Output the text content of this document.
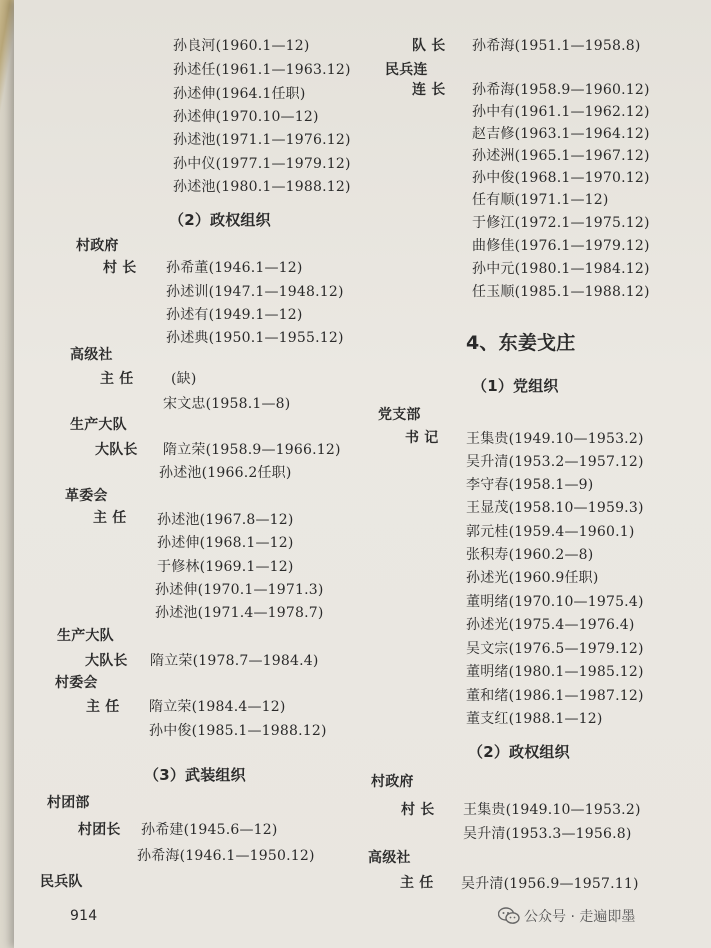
孙良河(1960.1—12)
孙述任(1961.1—1963.12)
孙述伸(1964.1任职)
孙述伸(1970.10—12)
孙述池(1971.1—1976.12)
孙中仪(1977.1—1979.12)
孙述池(1980.1—1988.12)
（2）政权组织
村政府
村 长 孙希董(1946.1—12)
孙述训(1947.1—1948.12)
孙述有(1949.1—12)
孙述典(1950.1—1955.12)
高级社
主 任	(缺)
宋文忠(1958.1—8)
生产大队
大队长 隋立荣(1958.9—1966.12)
孙述池(1966.2任职)
革委会
主 任 孙述池(1967.8—12)
孙述伸(1968.1—12)
于修林(1969.1—12)
孙述伸(1970.1—1971.3)
孙述池(1971.4—1978.7)
生产大队
大队长 隋立荣(1978.7—1984.4)
村委会
主 任 隋立荣(1984.4—12)
孙中俊(1985.1—1988.12)
（3）武装组织
村团部
村团长 孙希建(1945.6—12)
孙希海(1946.1—1950.12)
民兵队
914
队 长 孙希海(1951.1—1958.8)
民兵连
连 长 孙希海(1958.9—1960.12)
孙中有(1961.1—1962.12)
赵吉修(1963.1—1964.12)
孙述洲(1965.1—1967.12)
孙中俊(1968.1—1970.12)
任有顺(1971.1—12)
于修江(1972.1—1975.12)
曲修佳(1976.1—1979.12)
孙中元(1980.1—1984.12)
任玉顺(1985.1—1988.12)
4、东姜戈庄
（1）党组织
党支部
书 记 王集贵(1949.10—1953.2)
吴升清(1953.2—1957.12)
李守春(1958.1—9)
王显茂(1958.10—1959.3)
郭元桂(1959.4—1960.1)
张积寿(1960.2—8)
孙述光(1960.9任职)
董明绪(1970.10—1975.4)
孙述光(1975.4—1976.4)
吴文宗(1976.5—1979.12)
董明绪(1980.1—1985.12)
董和绪(1986.1—1987.12)
董支红(1988.1—12)
（2）政权组织
村政府
村 长 王集贵(1949.10—1953.2)
吴升清(1953.3—1956.8)
高级社
主 任 吴升清(1956.9—1957.11)
公众号 · 走遍即墨
